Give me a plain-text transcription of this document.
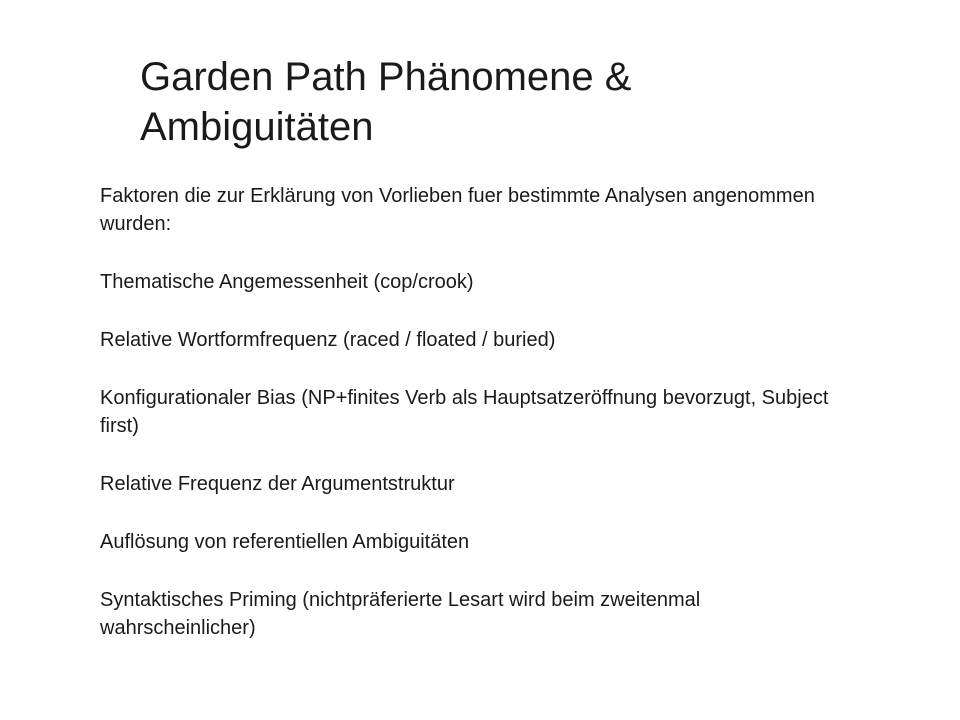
Garden Path Phänomene & Ambiguitäten

Faktoren die zur Erklärung von Vorlieben fuer bestimmte Analysen angenommen wurden:

Thematische Angemessenheit (cop/crook)

Relative Wortformfrequenz (raced / floated / buried)

Konfigurationaler Bias (NP+finites Verb als Hauptsatzeröffnung bevorzugt, Subject first)

Relative Frequenz der Argumentstruktur

Auflösung von referentiellen Ambiguitäten

Syntaktisches Priming (nichtpräferierte Lesart wird beim zweitenmal wahrscheinlicher)
